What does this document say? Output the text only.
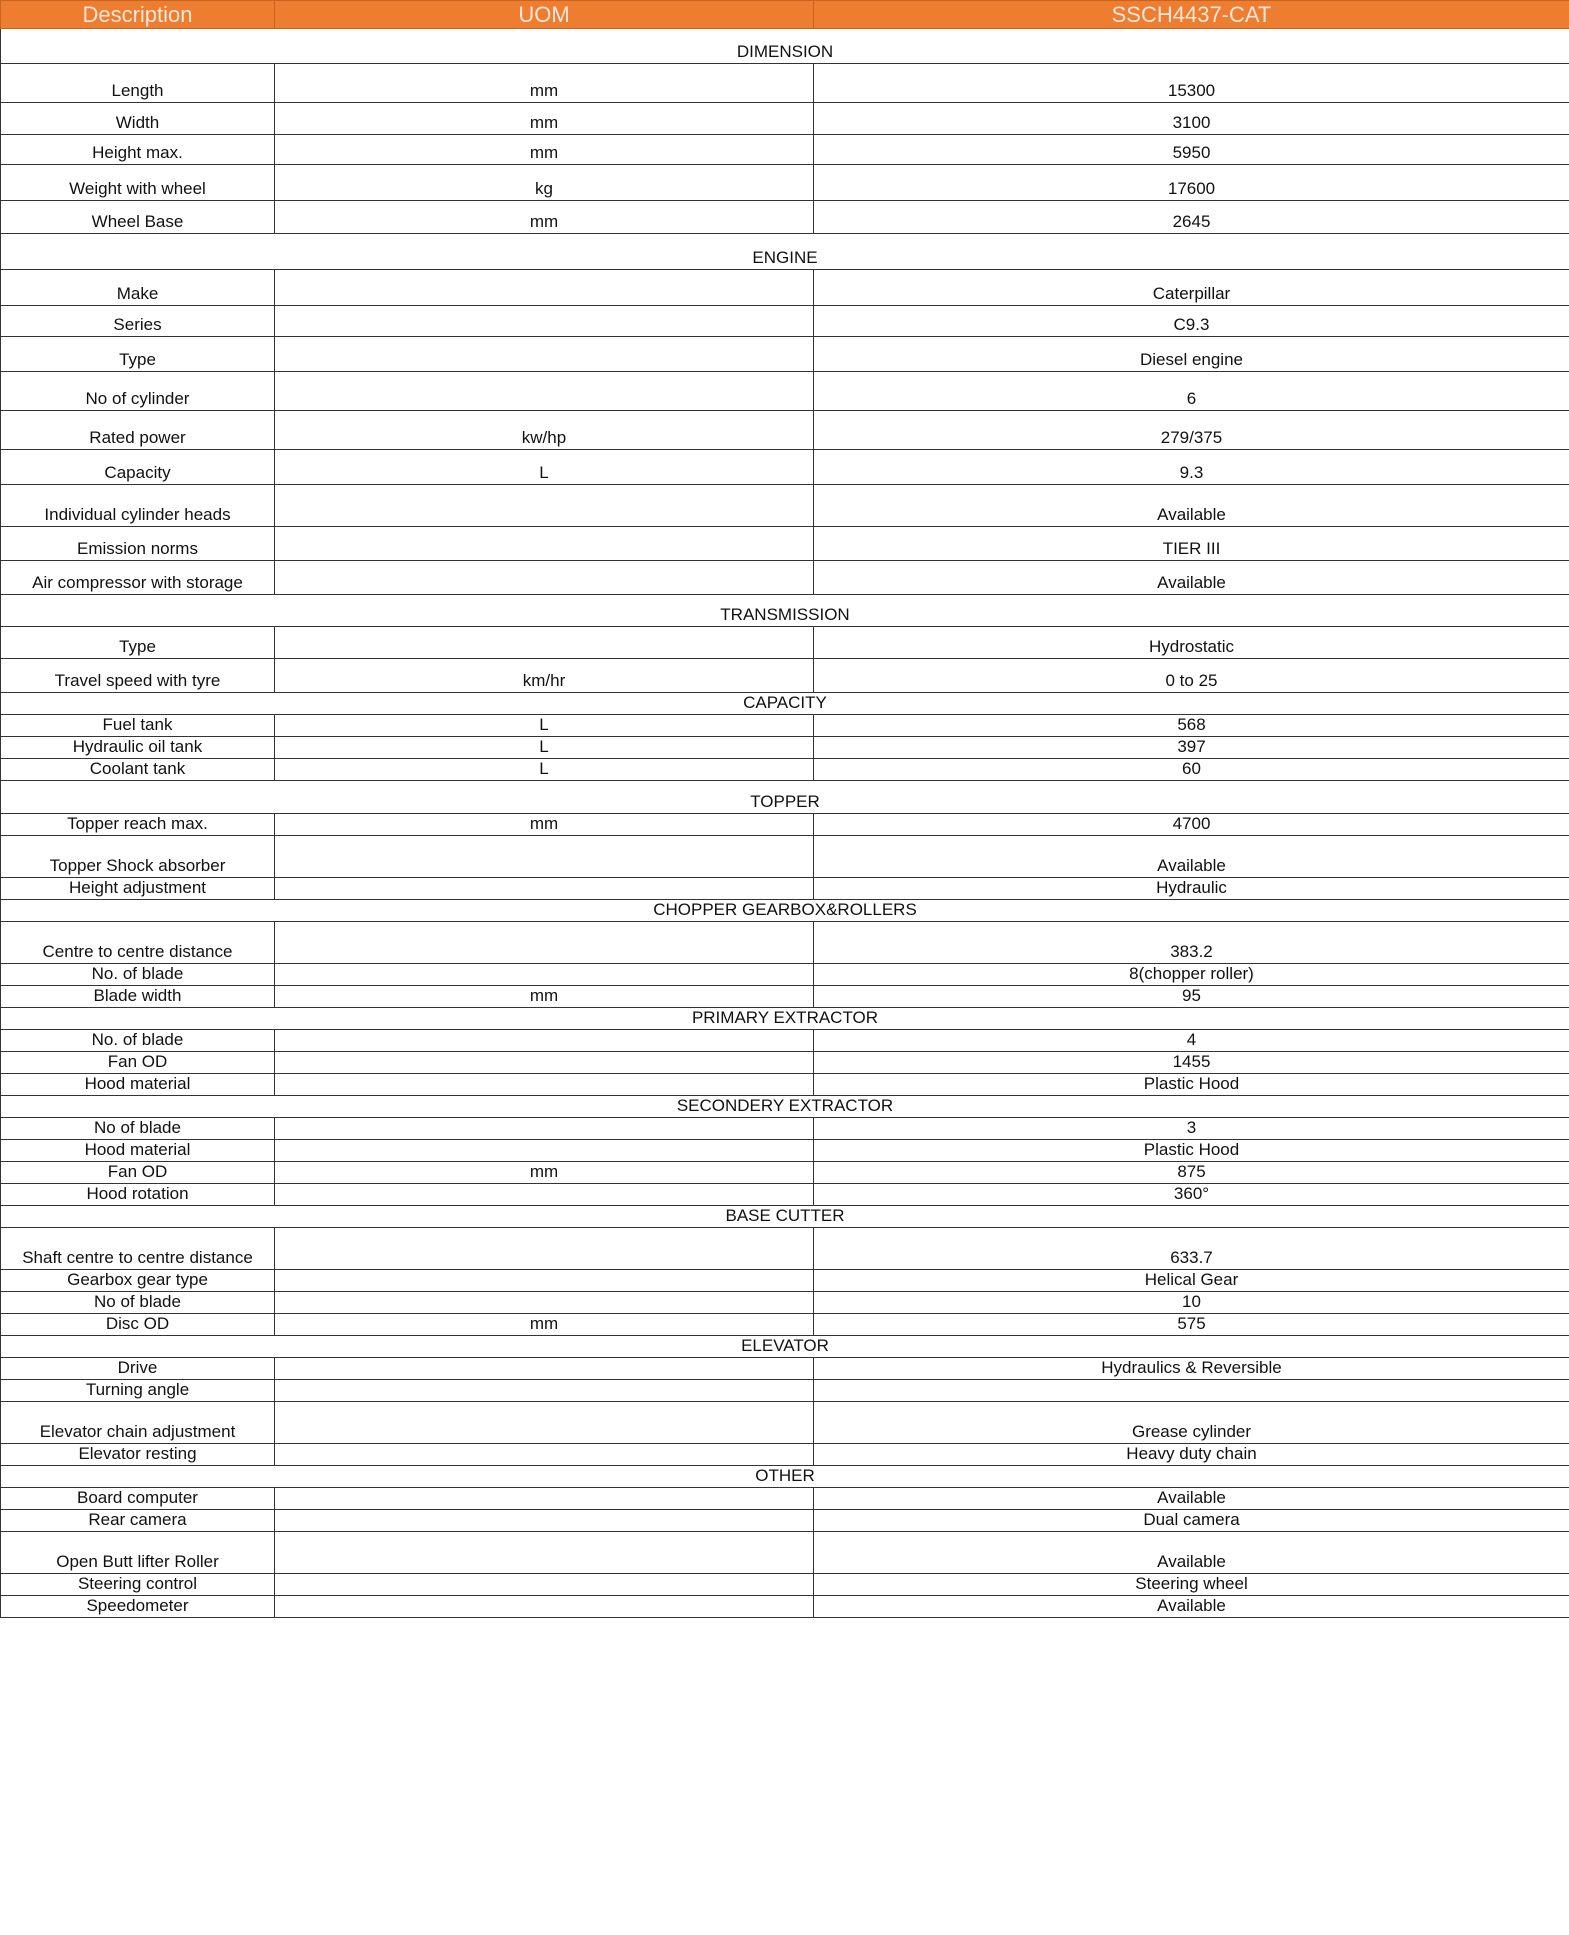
Description	UOM	SSCH4437-CAT
DIMENSION		
Length	mm	15300
Width	mm	3100
Height max.	mm	5950
Weight with wheel	kg	17600
Wheel Base	mm	2645
ENGINE		
Make		Caterpillar
Series		C9.3
Type		Diesel engine
No of cylinder		6
Rated power	kw/hp	279/375
Capacity	L	9.3
Individual cylinder heads		Available
Emission norms		TIER III
Air compressor with storage		Available
TRANSMISSION		
Type		Hydrostatic
Travel speed with tyre	km/hr	0 to 25
CAPACITY		
Fuel tank	L	568
Hydraulic oil tank	L	397
Coolant tank	L	60
TOPPER		
Topper reach max.	mm	4700
Topper Shock absorber		Available
Height adjustment		Hydraulic
CHOPPER GEARBOX&ROLLERS		
Centre to centre distance		383.2
No. of blade		8(chopper roller)
Blade width	mm	95
PRIMARY EXTRACTOR		
No. of blade		4
Fan OD		1455
Hood material		Plastic Hood
SECONDERY EXTRACTOR		
No of blade		3
Hood material		Plastic Hood
Fan OD	mm	875
Hood rotation		360°
BASE CUTTER		
Shaft centre to centre distance		633.7
Gearbox gear type		Helical Gear
No of blade		10
Disc OD	mm	575
ELEVATOR		
Drive		Hydraulics & Reversible
Turning angle		
Elevator chain adjustment		Grease cylinder
Elevator resting		Heavy duty chain
OTHER		
Board computer		Available
Rear camera		Dual camera
Open Butt lifter Roller		Available
Steering control		Steering wheel
Speedometer		Available
